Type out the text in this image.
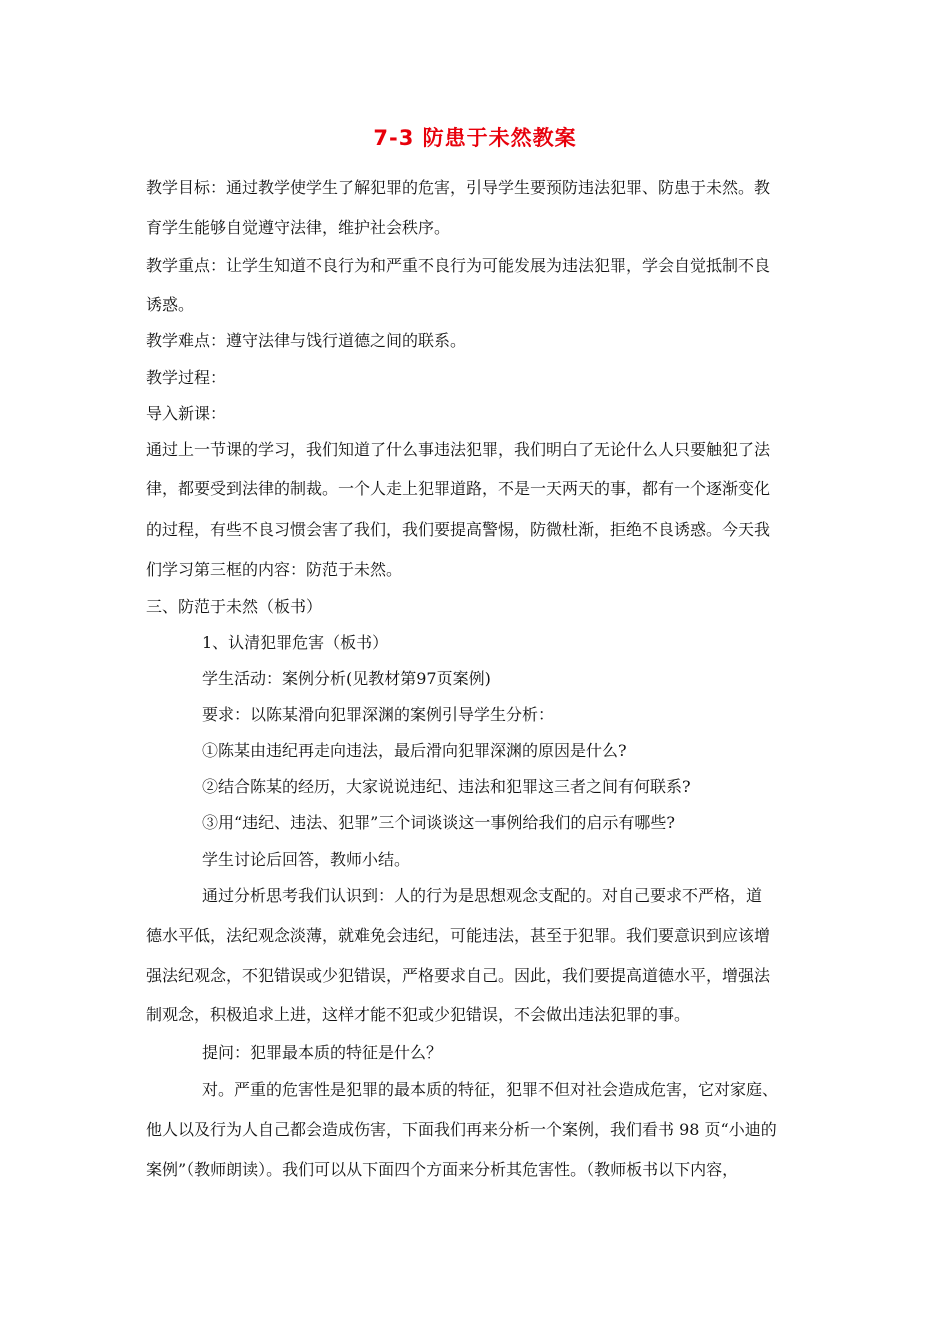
7-3 防患于未然教案
教学目标：通过教学使学生了解犯罪的危害，引导学生要预防违法犯罪、防患于未然。教
育学生能够自觉遵守法律，维护社会秩序。
教学重点：让学生知道不良行为和严重不良行为可能发展为违法犯罪，学会自觉抵制不良
诱惑。
教学难点：遵守法律与饯行道德之间的联系。
教学过程：
导入新课：
通过上一节课的学习，我们知道了什么事违法犯罪，我们明白了无论什么人只要触犯了法
律，都要受到法律的制裁。一个人走上犯罪道路，不是一天两天的事，都有一个逐渐变化
的过程，有些不良习惯会害了我们，我们要提高警惕，防微杜渐，拒绝不良诱惑。今天我
们学习第三框的内容：防范于未然。
三、防范于未然（板书）
1、认清犯罪危害（板书）
学生活动：案例分析(见教材第97页案例)
要求：以陈某滑向犯罪深渊的案例引导学生分析：
①陈某由违纪再走向违法，最后滑向犯罪深渊的原因是什么?
②结合陈某的经历，大家说说违纪、违法和犯罪这三者之间有何联系?
③用“违纪、违法、犯罪”三个词谈谈这一事例给我们的启示有哪些?
学生讨论后回答，教师小结。
通过分析思考我们认识到：人的行为是思想观念支配的。对自己要求不严格，道
德水平低，法纪观念淡薄，就难免会违纪，可能违法，甚至于犯罪。我们要意识到应该增
强法纪观念，不犯错误或少犯错误，严格要求自己。因此，我们要提高道德水平，增强法
制观念，积极追求上进，这样才能不犯或少犯错误，不会做出违法犯罪的事。
提问：犯罪最本质的特征是什么？
对。严重的危害性是犯罪的最本质的特征，犯罪不但对社会造成危害，它对家庭、
他人以及行为人自己都会造成伤害，下面我们再来分析一个案例，我们看书 98 页“小迪的
案例”（教师朗读）。我们可以从下面四个方面来分析其危害性。（教师板书以下内容，
